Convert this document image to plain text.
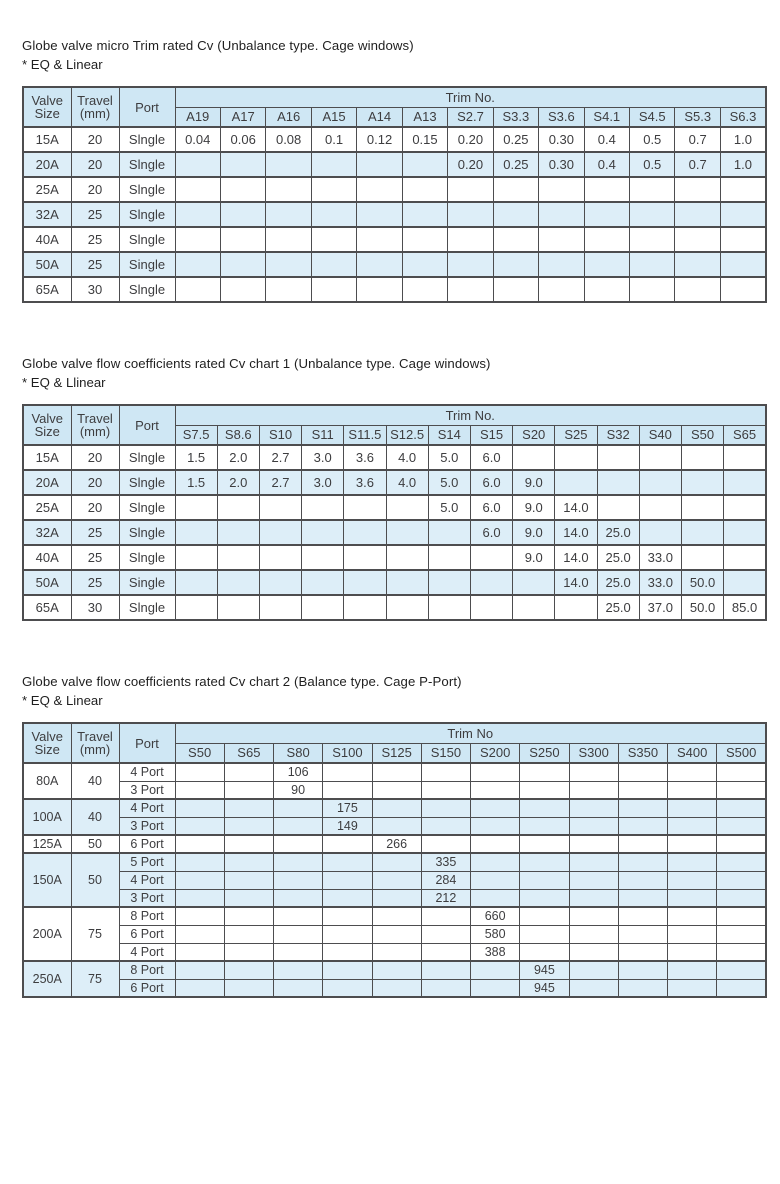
Globe valve micro Trim rated Cv (Unbalance type. Cage windows)
* EQ & Linear
Valve
Size

Travel
(mm)	Port
	Trim No.
			A19	A17	A16	A15	A14	A13	S2.7	S3.3	S3.6	S4.1	S4.5	S5.3	S6.3
15A	20	Slngle	0.04	0.06	0.08	0.1	0.12	0.15	0.20	0.25	0.30	0.4	0.5	0.7	1.0
20A	20	Slngle							0.20	0.25	0.30	0.4	0.5	0.7	1.0
25A	20	Slngle													
32A	25	Slngle													
40A	25	Slngle													
50A	25	Single													
65A	30	Slngle													
Globe valve flow coefficients rated Cv chart 1 (Unbalance type. Cage windows)
* EQ & Llinear
Valve
Size

Travel
(mm)	Port
	Trim No.
			S7.5	S8.6	S10	S11	S11.5	S12.5	S14	S15	S20	S25	S32	S40	S50	S65
15A	20	Slngle	1.5	2.0	2.7	3.0	3.6	4.0	5.0	6.0						
20A	20	Slngle	1.5	2.0	2.7	3.0	3.6	4.0	5.0	6.0	9.0					
25A	20	Slngle							5.0	6.0	9.0	14.0				
32A	25	Slngle								6.0	9.0	14.0	25.0			
40A	25	Slngle									9.0	14.0	25.0	33.0		
50A	25	Single										14.0	25.0	33.0	50.0	
65A	30	Slngle											25.0	37.0	50.0	85.0
Globe valve flow coefficients rated Cv chart 2 (Balance type. Cage P-Port)
* EQ & Linear
Valve
Size

Travel
(mm)	Port
	Trim No
			S50	S65	S80	S100	S125	S150	S200	S250	S300	S350	S400	S500
80A	40	4 Port			106									
		3 Port			90									
100A	40	4 Port				175								
		3 Port				149								
125A	50	6 Port					266							
150A	50	5 Port						335						
		4 Port						284						
		3 Port						212						
200A	75	8 Port							660					
		6 Port							580					
		4 Port							388					
250A	75	8 Port								945				
		6 Port								945				
